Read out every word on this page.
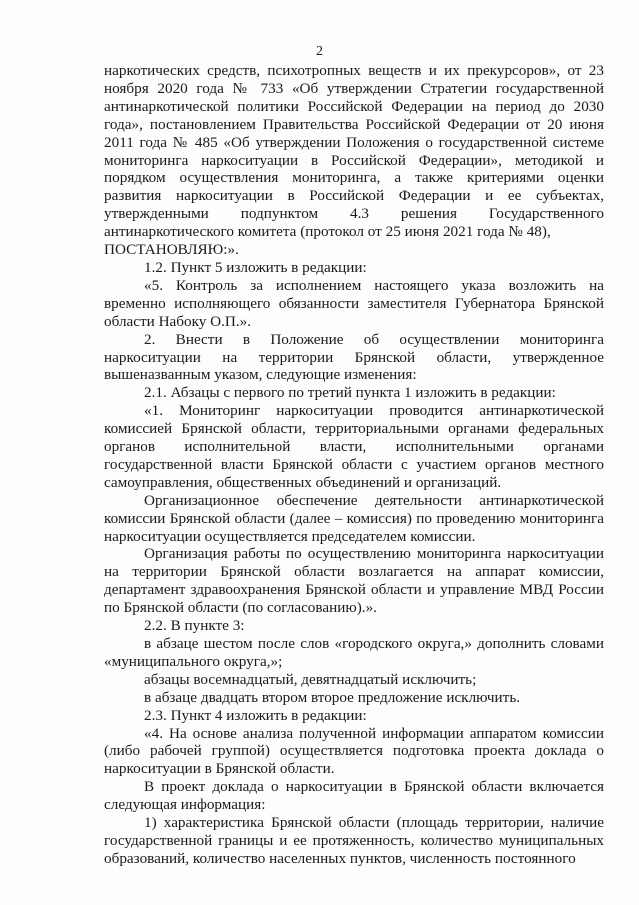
2

наркотических средств, психотропных веществ и их прекурсоров», от 23 ноября 2020 года № 733 «Об утверждении Стратегии государственной антинаркотической политики Российской Федерации на период до 2030 года», постановлением Правительства Российской Федерации от 20 июня 2011 года № 485 «Об утверждении Положения о государственной системе мониторинга наркоситуации в Российской Федерации», методикой и порядком осуществления мониторинга, а также критериями оценки развития наркоситуации в Российской Федерации и ее субъектах, утвержденными подпунктом 4.3 решения Государственного антинаркотического комитета (протокол от 25 июня 2021 года № 48),

ПОСТАНОВЛЯЮ:».

1.2. Пункт 5 изложить в редакции:

«5. Контроль за исполнением настоящего указа возложить на временно исполняющего обязанности заместителя Губернатора Брянской области Набоку О.П.».

2. Внести в Положение об осуществлении мониторинга наркоситуации на территории Брянской области, утвержденное вышеназванным указом, следующие изменения:

2.1. Абзацы с первого по третий пункта 1 изложить в редакции:

«1. Мониторинг наркоситуации проводится антинаркотической комиссией Брянской области, территориальными органами федеральных органов исполнительной власти, исполнительными органами государственной власти Брянской области с участием органов местного самоуправления, общественных объединений и организаций.

Организационное обеспечение деятельности антинаркотической комиссии Брянской области (далее – комиссия) по проведению мониторинга наркоситуации осуществляется председателем комиссии.

Организация работы по осуществлению мониторинга наркоситуации на территории Брянской области возлагается на аппарат комиссии, департамент здравоохранения Брянской области и управление МВД России по Брянской области (по согласованию).».

2.2. В пункте 3:

в абзаце шестом после слов «городского округа,» дополнить словами «муниципального округа,»;

абзацы восемнадцатый, девятнадцатый исключить;

в абзаце двадцать втором второе предложение исключить.

2.3. Пункт 4 изложить в редакции:

«4. На основе анализа полученной информации аппаратом комиссии (либо рабочей группой) осуществляется подготовка проекта доклада о наркоситуации в Брянской области.

В проект доклада о наркоситуации в Брянской области включается следующая информация:

1) характеристика Брянской области (площадь территории, наличие государственной границы и ее протяженность, количество муниципальных образований, количество населенных пунктов, численность постоянного
